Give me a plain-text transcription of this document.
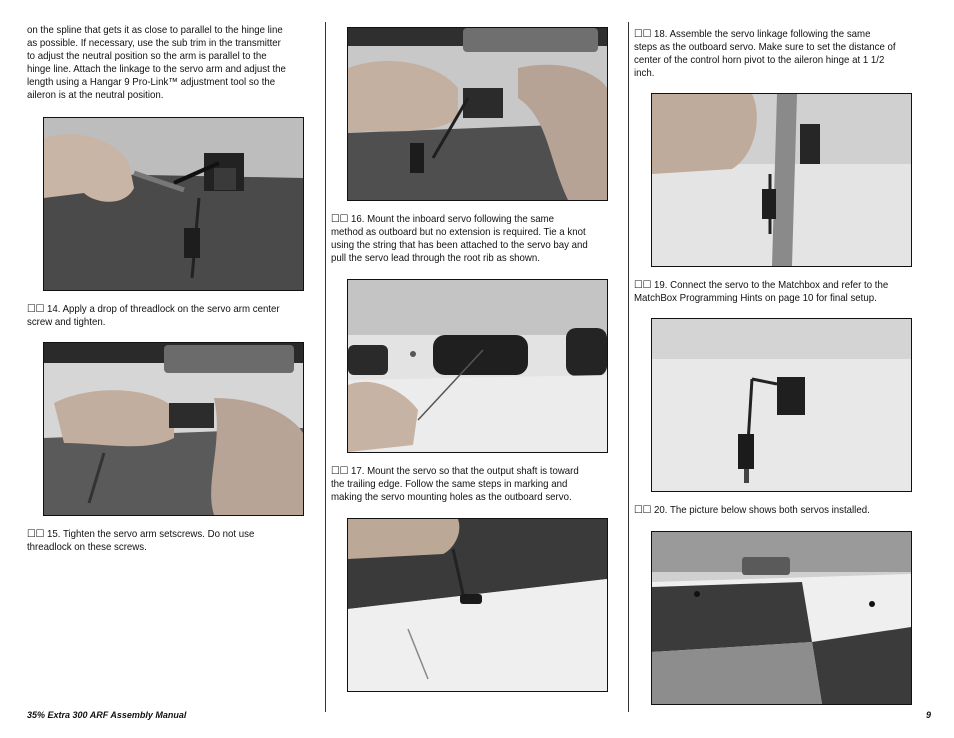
on the spline that gets it as close to parallel to the hinge line
as possible. If necessary, use the sub trim in the transmitter
to adjust the neutral position so the arm is parallel to the
hinge line. Attach the linkage to the servo arm and adjust the
length using a Hangar 9 Pro-Link™ adjustment tool so the
aileron is at the neutral position.
☐☐ 14. Apply a drop of threadlock on the servo arm center
screw and tighten.
☐☐ 15. Tighten the servo arm setscrews. Do not use
threadlock on these screws.
☐☐ 16. Mount the inboard servo following the same
method as outboard but no extension is required. Tie a knot
using the string that has been attached to the servo bay and
pull the servo lead through the root rib as shown.
☐☐ 17. Mount the servo so that the output shaft is toward
the trailing edge. Follow the same steps in marking and
making the servo mounting holes as the outboard servo.
☐☐ 18. Assemble the servo linkage following the same
steps as the outboard servo. Make sure to set the distance of
center of the control horn pivot to the aileron hinge at 1 1/2
inch.
☐☐ 19. Connect the servo to the Matchbox and refer to the
MatchBox Programming Hints on page 10 for final setup.
☐☐ 20. The picture below shows both servos installed.
35% Extra 300 ARF Assembly Manual	9
